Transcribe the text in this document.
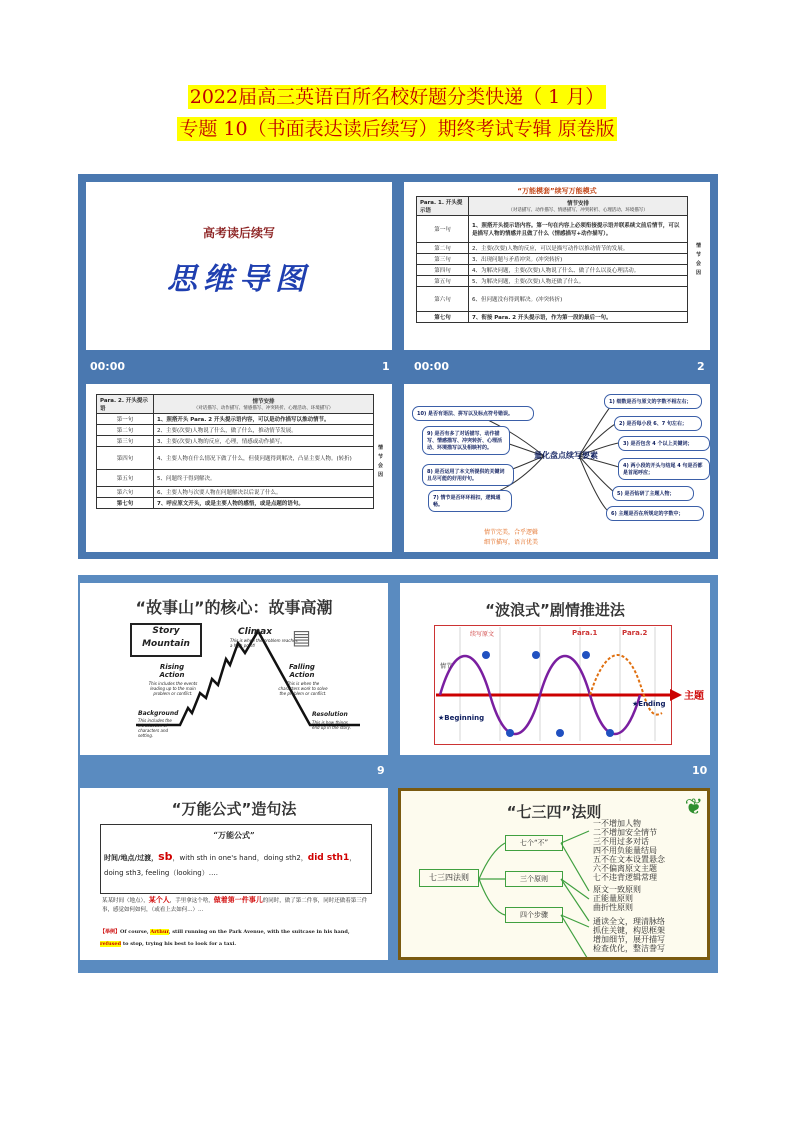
2022届高三英语百所名校好题分类快递（ 1 月）
专题 10（书面表达读后续写）期终考试专辑 原卷版
高考读后续写
思维导图
00:00	1
“万能模套”续写万能模式
Para. 1. 开头提示语	情节安排
（对话描写、动作描写、情感描写、冲突转折、心理活动、环境描写）

第一句	1、照搭开头提示语内容。第一句在内容上必须衔接提示语并联系续文前后情节，可以是描写人物的情感并且做了什么（情感描写+动作描写）。
第二句	2、主要(次要)人物的反应，可以是描写动作以推动情节的发展。
第三句	3、出现问题与矛盾冲突。(冲突转折)
第四句	4、为解决问题，主要(次要)人物说了什么、做了什么以及心理活动。
第五句	5、为解决问题，主要(次要)人物还做了什么。
第六句	6、但问题没有得到解决。(冲突转折)
第七句	7、衔接 Para. 2 开头提示语，作为第一段的最后一句。
情节会因
00:00	2
Para. 2. 开头提示语	情节安排
（对话描写、动作描写、情感描写、冲突转折、心理活动、环境描写）

第一句	1、照搭开头 Para. 2 开头提示语内容，可以是动作描写以推动情节。
第二句	2、主要(次要)人物说了什么，做了什么，推动情节发展。
第三句	3、主要(次要)人物的反应，心理，情感或动作描写。
第四句	4、主要人物在什么情况下做了什么，但使问题得到解决，凸显主要人物。(转折)
第五句	5、问题终于得到解决。
第六句	6、主要人物与次要人物在问题解决以后说了什么。
第七句	7、呼应原文开头，或是主要人物的感悟，或是点题的语句。
情节会因
10) 是否有语法、拼写以及标点符号错误。
9) 是否有多了对话描写、动作描写、情感描写、冲突转折、心理活动、环境描写以及相映衬的。
8) 是否运用了本文所提供的关键词且尽可能的好用好句。
7) 情节是否环环相扣，逻辑通畅。
量化盘点续写要素
1) 细数是否与原文的字数不相左右；
2) 是否每小段 6、7 句左右；
3) 是否包含 4 个以上关键词；
4) 两小段的开头与结尾 4 句是否都是首尾呼应；
5) 是否钻研了主题人物；
6) 主题是否在所规定的字数中；
情节完美，合乎逻辑
细节描写，语言优美
“故事山”的核心：故事高潮
Story
Mountain
Climax
This is when the problem reaches a high point!	▤
Rising Action
This includes the events leading up to the main problem or conflict.
Falling Action
This is when the characters work to solve the problem or conflict.
Background
This includes the introduction of characters and setting.
Resolution
This is how things end up in the story.
9
“波浪式”剧情推进法
续写原文	Para.1	Para.2
主题
情节
★Beginning
★Ending
10
“万能公式”造句法
“万能公式”
时间/地点/过渡，sb，with sth in one's hand，doing sth2，did sth1，
doing sth3, feeling（looking）….
某某时间（地点），某个人，手里拿这个啥，做着第一件事儿的同时，做了第二件事，同时还做着第三件事，感觉如何如何，（或看上去如何...）...
【举例】Of course, Arthur, still running on the Park Avenue, with the suitcase in his hand, refused to stop, trying his best to look for a taxi.
“七三四”法则
七三四法则
七个“不”
三个原则
四个步骤
一不增加人物
二不增加安全情节
三不用过多对话
四不用负能量结局
五不在文本设置悬念
六不偏离原文主题
七不违背逻辑常理
原文一致原则
正能量原则
曲折性原则
通读全文，理清脉络
抓住关键，构思框架
增加细节，展开描写
检查优化，整洁誊写
❦
